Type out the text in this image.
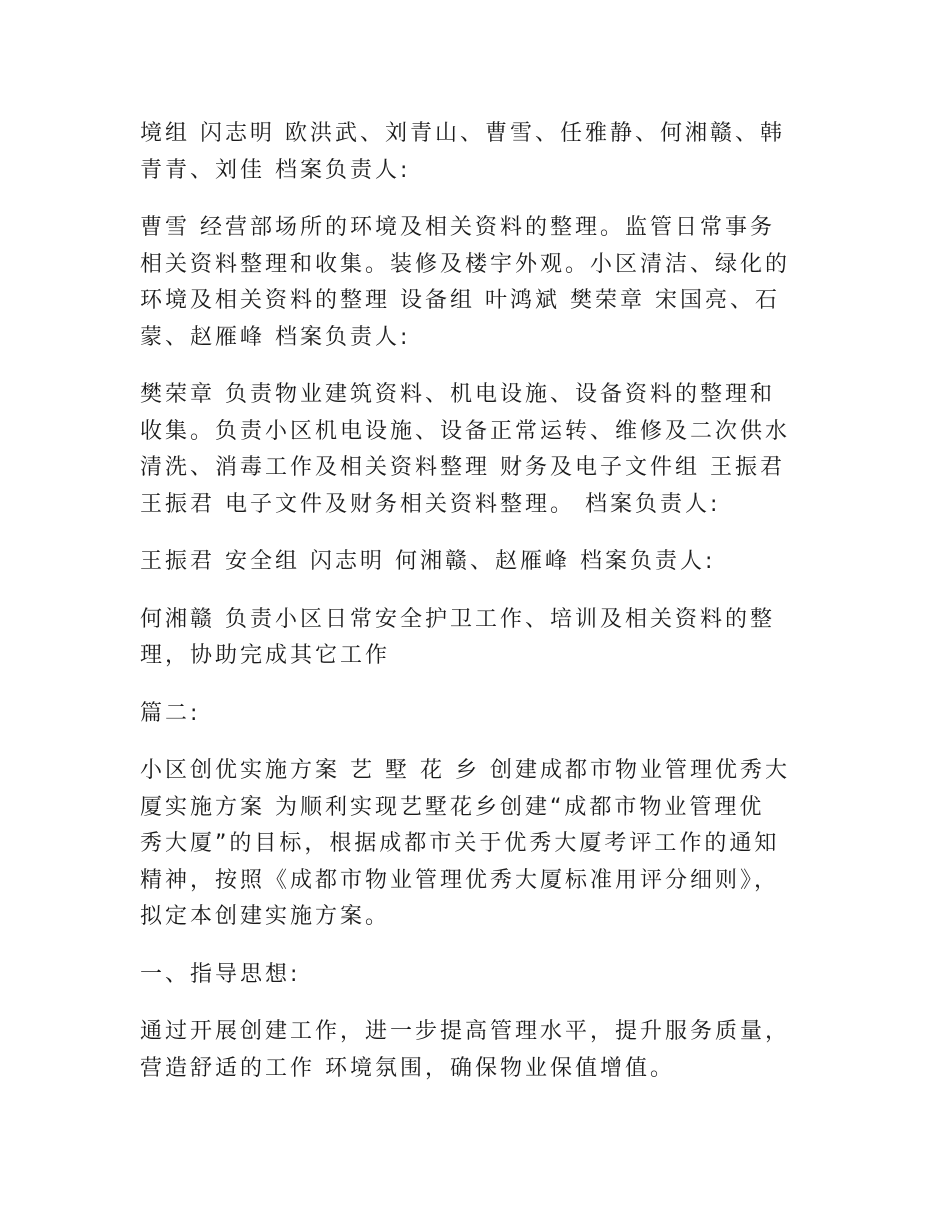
境组 闪志明 欧洪武、刘青山、曹雪、任雅静、何湘赣、韩
青青、刘佳 档案负责人:
曹雪 经营部场所的环境及相关资料的整理。监管日常事务
相关资料整理和收集。装修及楼宇外观。小区清洁、绿化的
环境及相关资料的整理 设备组 叶鸿斌 樊荣章 宋国亮、石
蒙、赵雁峰 档案负责人:
樊荣章 负责物业建筑资料、机电设施、设备资料的整理和
收集。负责小区机电设施、设备正常运转、维修及二次供水
清洗、消毒工作及相关资料整理 财务及电子文件组 王振君
王振君 电子文件及财务相关资料整理。 档案负责人:
王振君 安全组 闪志明 何湘赣、赵雁峰 档案负责人:
何湘赣 负责小区日常安全护卫工作、培训及相关资料的整
理，协助完成其它工作
篇二:
小区创优实施方案 艺 墅 花 乡 创建成都市物业管理优秀大
厦实施方案 为顺利实现艺墅花乡创建“成都市物业管理优
秀大厦”的目标，根据成都市关于优秀大厦考评工作的通知
精神，按照《成都市物业管理优秀大厦标准用评分细则》，
拟定本创建实施方案。
一、指导思想:
通过开展创建工作，进一步提高管理水平，提升服务质量，
营造舒适的工作 环境氛围，确保物业保值增值。
